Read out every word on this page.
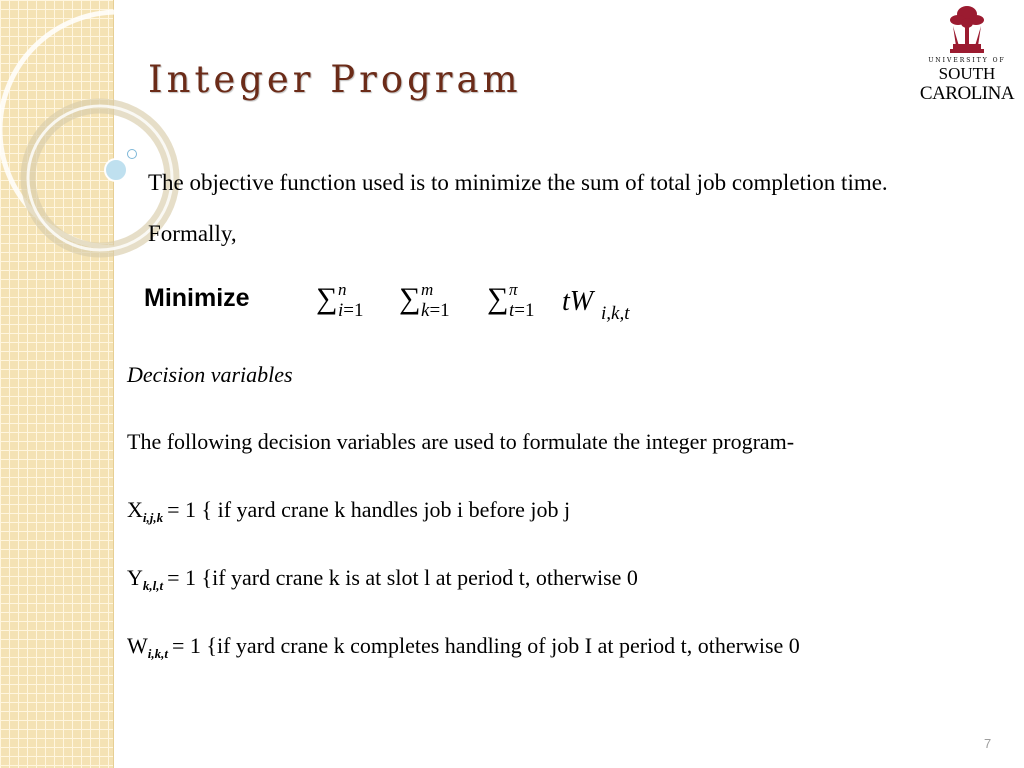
Integer Program	UNIVERSITY OF
SOUTH
CAROLINA

The objective function used is to minimize the sum of total job completion time. Formally,

Minimize ∑ n
i=1 ∑ m
k=1 ∑ π
t=1 tW i,k,t
Decision variables

The following decision variables are used to formulate the integer program-

$X_{i,j,k} = 1$ { if yard crane k handles job i before job j

$Y_{k,l,t} = 1$ {if yard crane k is at slot l at period t, otherwise 0

$W_{i,k,t} = 1$ {if yard crane k completes handling of job I at period t, otherwise 0

7
